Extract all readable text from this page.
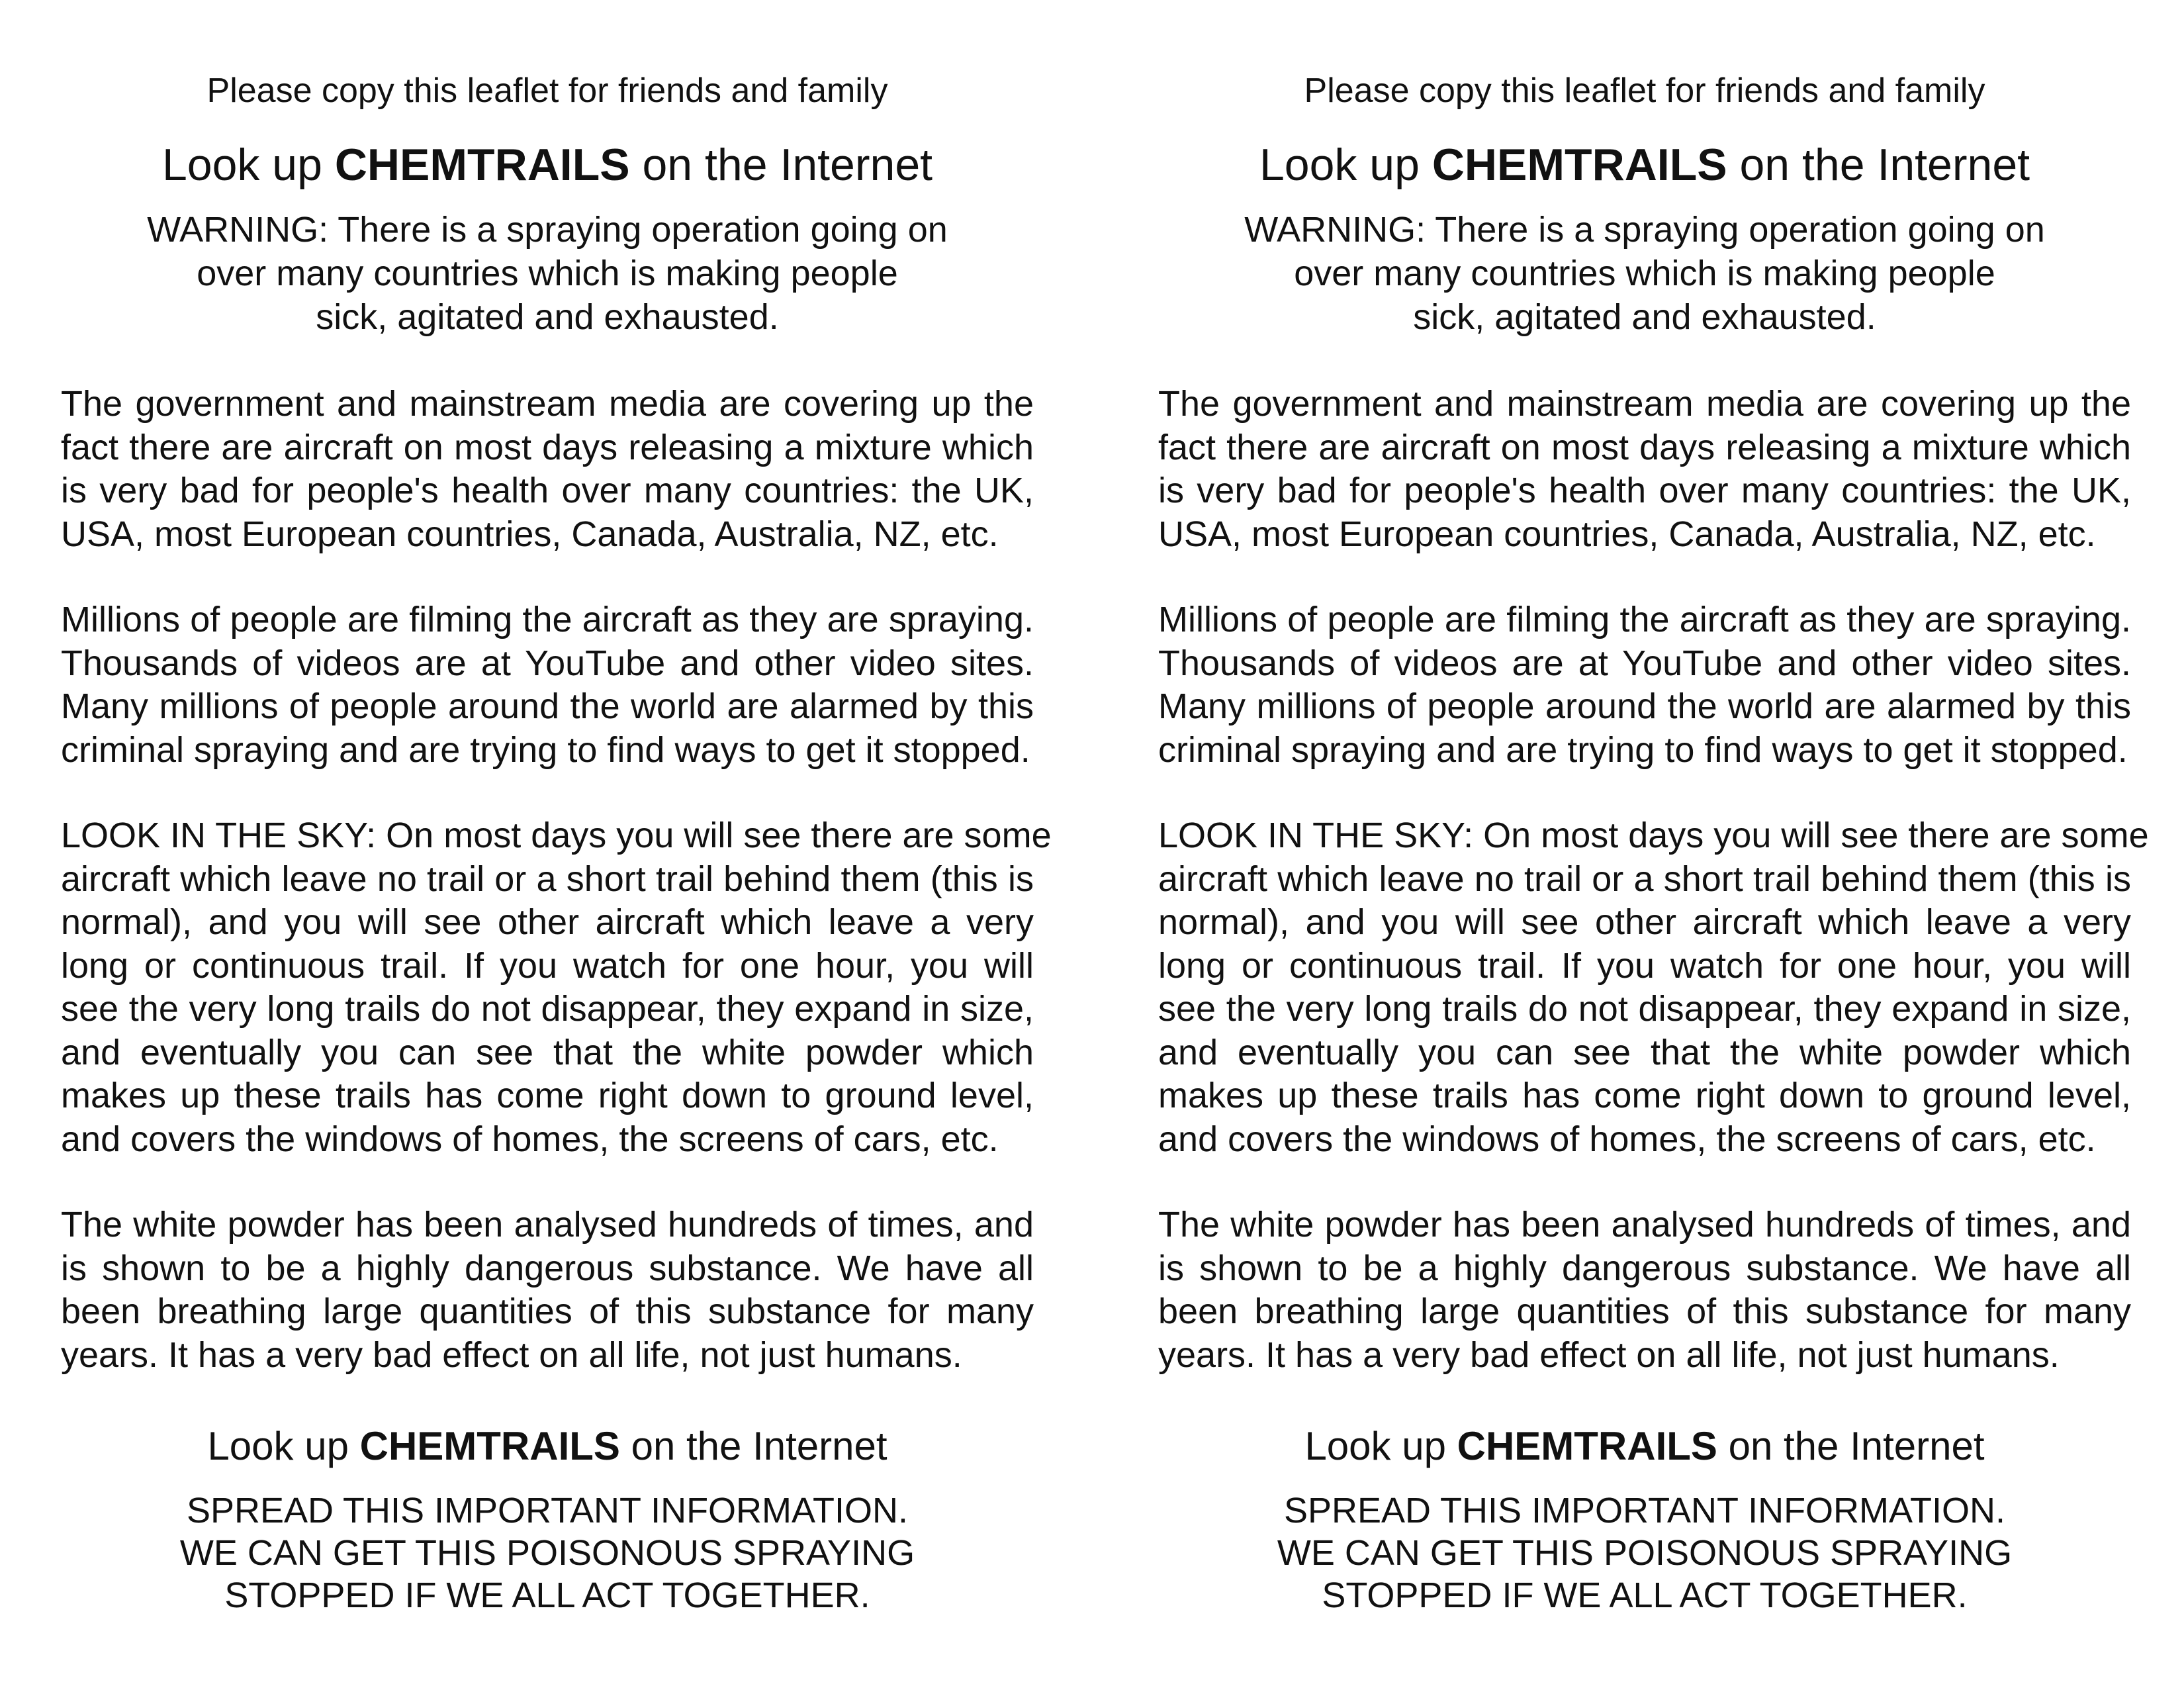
Please copy this leaflet for friends and family
Look up CHEMTRAILS on the Internet
WARNING: There is a spraying operation going on
over many countries which is making people
sick, agitated and exhausted.
The government and mainstream media are covering up the
fact there are aircraft on most days releasing a mixture which
is very bad for people's health over many countries: the UK,
USA, most European countries, Canada, Australia, NZ, etc.
Millions of people are filming the aircraft as they are spraying.
Thousands of videos are at YouTube and other video sites.
Many millions of people around the world are alarmed by this
criminal spraying and are trying to find ways to get it stopped.
LOOK IN THE SKY: On most days you will see there are some
aircraft which leave no trail or a short trail behind them (this is
normal), and you will see other aircraft which leave a very
long or continuous trail. If you watch for one hour, you will
see the very long trails do not disappear, they expand in size,
and eventually you can see that the white powder which
makes up these trails has come right down to ground level,
and covers the windows of homes, the screens of cars, etc.
The white powder has been analysed hundreds of times, and
is shown to be a highly dangerous substance. We have all
been breathing large quantities of this substance for many
years. It has a very bad effect on all life, not just humans.
Look up CHEMTRAILS on the Internet
SPREAD THIS IMPORTANT INFORMATION.
WE CAN GET THIS POISONOUS SPRAYING
STOPPED IF WE ALL ACT TOGETHER.
Please copy this leaflet for friends and family
Look up CHEMTRAILS on the Internet
WARNING: There is a spraying operation going on
over many countries which is making people
sick, agitated and exhausted.
The government and mainstream media are covering up the
fact there are aircraft on most days releasing a mixture which
is very bad for people's health over many countries: the UK,
USA, most European countries, Canada, Australia, NZ, etc.
Millions of people are filming the aircraft as they are spraying.
Thousands of videos are at YouTube and other video sites.
Many millions of people around the world are alarmed by this
criminal spraying and are trying to find ways to get it stopped.
LOOK IN THE SKY: On most days you will see there are some
aircraft which leave no trail or a short trail behind them (this is
normal), and you will see other aircraft which leave a very
long or continuous trail. If you watch for one hour, you will
see the very long trails do not disappear, they expand in size,
and eventually you can see that the white powder which
makes up these trails has come right down to ground level,
and covers the windows of homes, the screens of cars, etc.
The white powder has been analysed hundreds of times, and
is shown to be a highly dangerous substance. We have all
been breathing large quantities of this substance for many
years. It has a very bad effect on all life, not just humans.
Look up CHEMTRAILS on the Internet
SPREAD THIS IMPORTANT INFORMATION.
WE CAN GET THIS POISONOUS SPRAYING
STOPPED IF WE ALL ACT TOGETHER.
